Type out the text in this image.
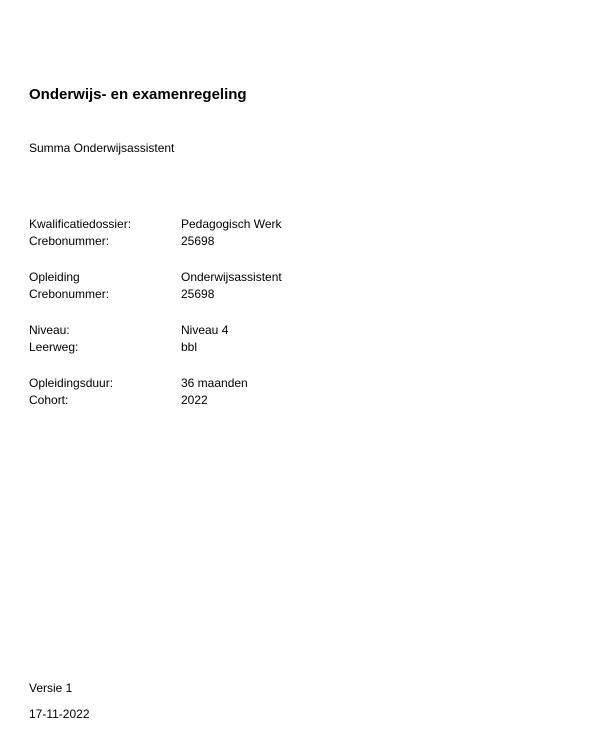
Onderwijs- en examenregeling

Summa Onderwijsassistent

Kwalificatiedossier:	Pedagogisch Werk
Crebonummer:	25698
Opleiding	Onderwijsassistent
Crebonummer:	25698
Niveau:	Niveau 4
Leerweg:	bbl
Opleidingsduur:	36 maanden
Cohort:	2022
Versie 1
17-11-2022
